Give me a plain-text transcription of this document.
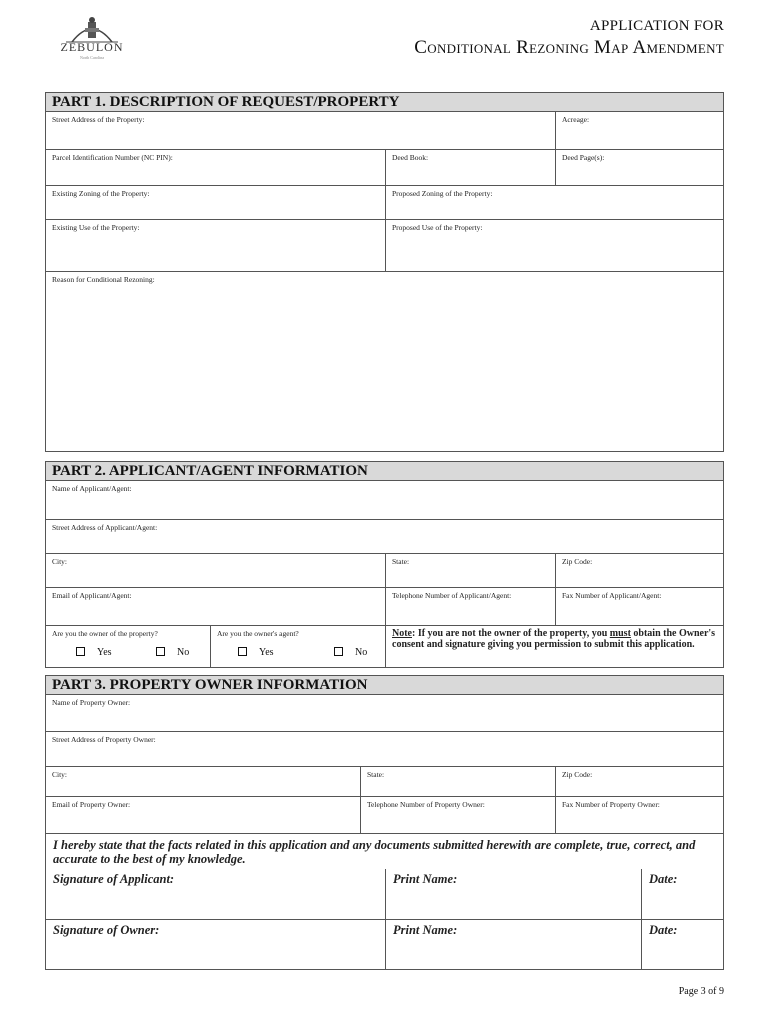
ZEBULON
North Carolina
APPLICATION FOR
Conditional Rezoning Map Amendment
PART 1. DESCRIPTION OF REQUEST/PROPERTY
Street Address of the Property:	Acreage:
Parcel Identification Number (NC PIN):	Deed Book:	Deed Page(s):
Existing Zoning of the Property:	Proposed Zoning of the Property:
Existing Use of the Property:	Proposed Use of the Property:
Reason for Conditional Rezoning:
PART 2. APPLICANT/AGENT INFORMATION
Name of Applicant/Agent:
Street Address of Applicant/Agent:
City:	State:	Zip Code:
Email of Applicant/Agent:	Telephone Number of Applicant/Agent:	Fax Number of Applicant/Agent:
Are you the owner of the property?
Yes	No
Are you the owner's agent?
Yes	No
Note: If you are not the owner of the property, you must obtain the Owner's consent and signature giving you permission to submit this application.
PART 3. PROPERTY OWNER INFORMATION
Name of Property Owner:
Street Address of Property Owner:
City:	State:	Zip Code:
Email of Property Owner:	Telephone Number of Property Owner:	Fax Number of Property Owner:
I hereby state that the facts related in this application and any documents submitted herewith are complete, true, correct, and accurate to the best of my knowledge.
Signature of Applicant:	Print Name:	Date:
Signature of Owner:	Print Name:	Date:
Page 3 of 9
